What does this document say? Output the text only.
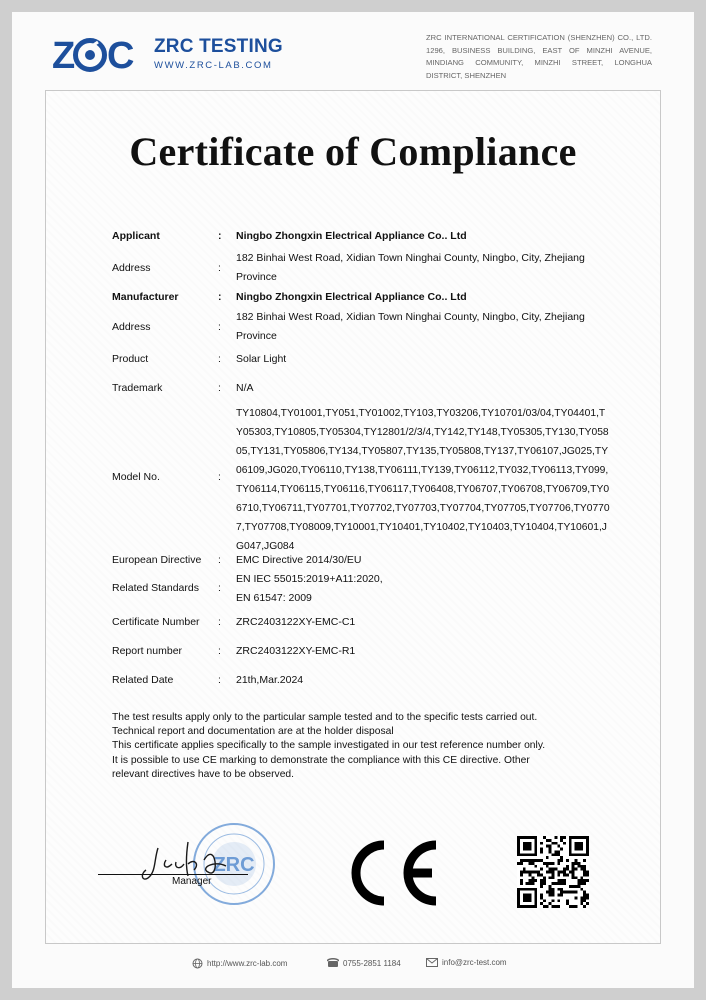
Z C ZRC TESTING
WWW.ZRC-LAB.COM
ZRC INTERNATIONAL CERTIFICATION (SHENZHEN) CO., LTD. 1296, BUSINESS BUILDING, EAST OF MINZHI AVENUE, MINDIANG COMMUNITY, MINZHI STREET, LONGHUA DISTRICT, SHENZHEN
Certificate of Compliance
Applicant	:	Ningbo Zhongxin Electrical Appliance Co.. Ltd
Address	:
182 Binhai West Road, Xidian Town Ninghai County, Ningbo, City, Zhejiang Province
Manufacturer	:	Ningbo Zhongxin Electrical Appliance Co.. Ltd
Address	:
182 Binhai West Road, Xidian Town Ninghai County, Ningbo, City, Zhejiang Province
Product	:	Solar Light
Trademark	:	N/A
Model No.	:
TY10804,TY01001,TY051,TY01002,TY103,TY03206,TY10701/03/04,TY04401,TY05303,TY10805,TY05304,TY12801/2/3/4,TY142,TY148,TY05305,TY130,TY05805,TY131,TY05806,TY134,TY05807,TY135,TY05808,TY137,TY06107,JG025,TY06109,JG020,TY06110,TY138,TY06111,TY139,TY06112,TY032,TY06113,TY099,TY06114,TY06115,TY06116,TY06117,TY06408,TY06707,TY06708,TY06709,TY06710,TY06711,TY07701,TY07702,TY07703,TY07704,TY07705,TY07706,TY07707,TY07708,TY08009,TY10001,TY10401,TY10402,TY10403,TY10404,TY10601,JG047,JG084
European Directive	:	EMC Directive 2014/30/EU
Related Standards	:
EN IEC 55015:2019+A11:2020,
EN 61547: 2009
Certificate Number	:	ZRC2403122XY-EMC-C1
Report number	:	ZRC2403122XY-EMC-R1
Related Date	:	21th,Mar.2024
The test results apply only to the particular sample tested and to the specific tests carried out.
Technical report and documentation are at the holder disposal
This certificate applies specifically to the sample investigated in our test reference number only.
It is possible to use CE marking to demonstrate the compliance with this CE directive. Other
relevant directives have to be observed.
ZRC
Manager
http://www.zrc-lab.com	0755-2851 1184	info@zrc-test.com
